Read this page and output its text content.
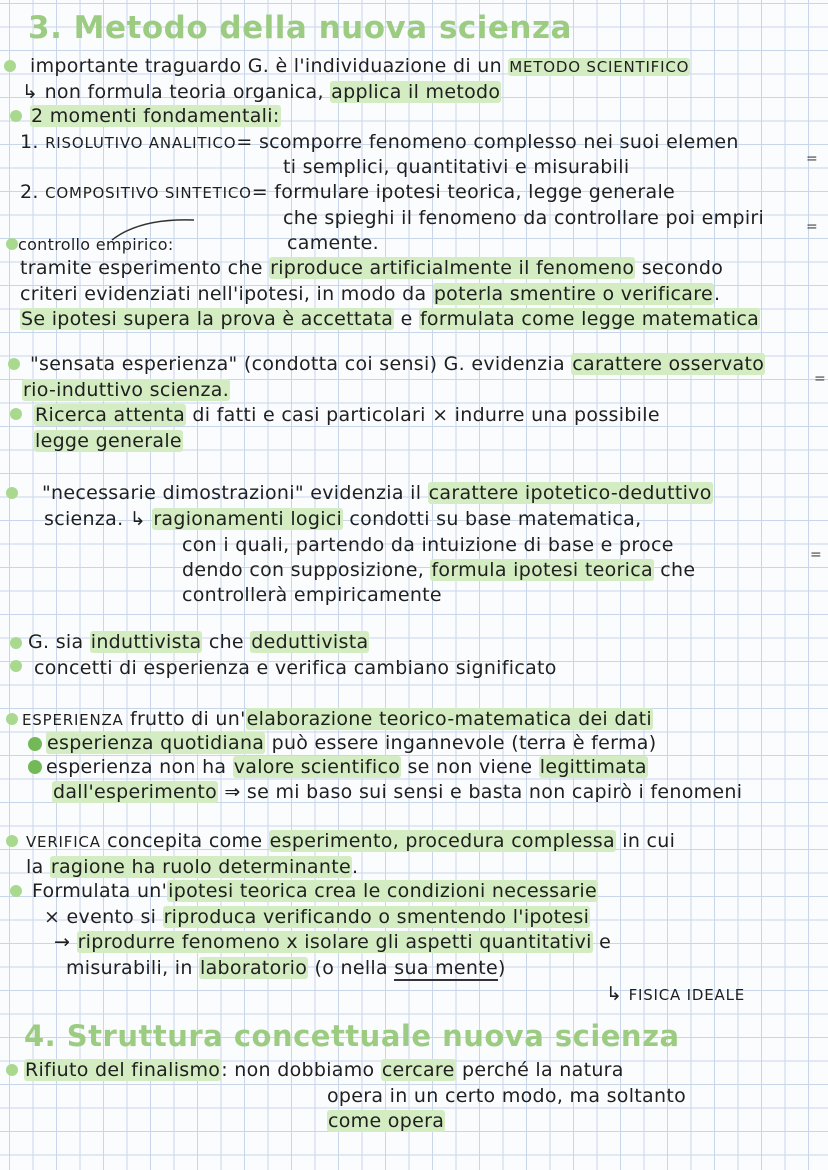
3. Metodo della nuova scienza
importante traguardo G. è l'individuazione di un METODO SCIENTIFICO
↳ non formula teoria organica, applica il metodo
2 momenti fondamentali:
1. RISOLUTIVO ANALITICO= scomporre fenomeno complesso nei suoi elemen
=
ti semplici, quantitativi e misurabili
2. COMPOSITIVO SINTETICO= formulare ipotesi teorica, legge generale
che spieghi il fenomeno da controllare poi empiri	=
controllo empirico:	camente.
tramite esperimento che riproduce artificialmente il fenomeno secondo
criteri evidenziati nell'ipotesi, in modo da poterla smentire o verificare.
Se ipotesi supera la prova è accettata e formulata come legge matematica
"sensata esperienza" (condotta coi sensi) G. evidenzia carattere osservato
=
rio-induttivo scienza.
Ricerca attenta di fatti e casi particolari × indurre una possibile
legge generale
"necessarie dimostrazioni" evidenzia il carattere ipotetico-deduttivo
scienza. ↳ ragionamenti logici condotti su base matematica,
con i quali, partendo da intuizione di base e proce	=
dendo con supposizione, formula ipotesi teorica che
controllerà empiricamente
G. sia induttivista che deduttivista
concetti di esperienza e verifica cambiano significato
ESPERIENZA frutto di un'elaborazione teorico-matematica dei dati
esperienza quotidiana può essere ingannevole (terra è ferma)
esperienza non ha valore scientifico se non viene legittimata
dall'esperimento ⇒ se mi baso sui sensi e basta non capirò i fenomeni
VERIFICA concepita come esperimento, procedura complessa in cui
la ragione ha ruolo determinante.
Formulata un'ipotesi teorica crea le condizioni necessarie
× evento si riproduca verificando o smentendo l'ipotesi
→ riprodurre fenomeno x isolare gli aspetti quantitativi e
misurabili, in laboratorio (o nella sua mente)
↳ FISICA IDEALE
4. Struttura concettuale nuova scienza
Rifiuto del finalismo: non dobbiamo cercare perché la natura
opera in un certo modo, ma soltanto
come opera
